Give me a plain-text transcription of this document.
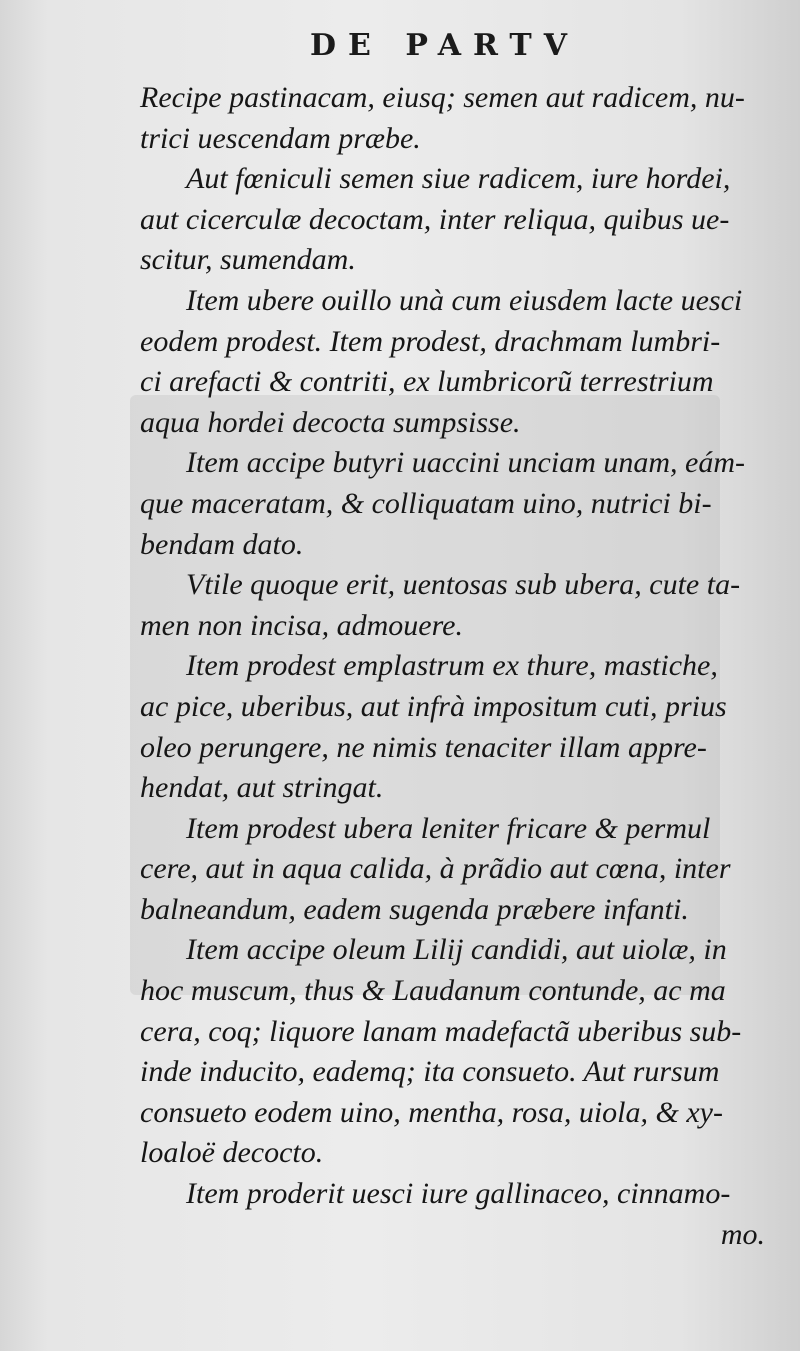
DE PARTV
Recipe pastinacam, eiusq; semen aut radicem, nu-
trici uescendam præbe.
Aut fœniculi semen siue radicem, iure hordei,
aut cicerculæ decoctam, inter reliqua, quibus ue-
scitur, sumendam.
Item ubere ouillo unà cum eiusdem lacte uesci
eodem prodest. Item prodest, drachmam lumbri-
ci arefacti & contriti, ex lumbricorũ terrestrium
aqua hordei decocta sumpsisse.
Item accipe butyri uaccini unciam unam, eám-
que maceratam, & colliquatam uino, nutrici bi-
bendam dato.
Vtile quoque erit, uentosas sub ubera, cute ta-
men non incisa, admouere.
Item prodest emplastrum ex thure, mastiche,
ac pice, uberibus, aut infrà impositum cuti, prius
oleo perungere, ne nimis tenaciter illam appre-
hendat, aut stringat.
Item prodest ubera leniter fricare & permul
cere, aut in aqua calida, à prãdio aut cœna, inter
balneandum, eadem sugenda præbere infanti.
Item accipe oleum Lilij candidi, aut uiolæ, in
hoc muscum, thus & Laudanum contunde, ac ma
cera, coq; liquore lanam madefactã uberibus sub-
inde inducito, eademq; ita consueto. Aut rursum
consueto eodem uino, mentha, rosa, uiola, & xy-
loaloë decocto.
Item proderit uesci iure gallinaceo, cinnamo-
mo.
